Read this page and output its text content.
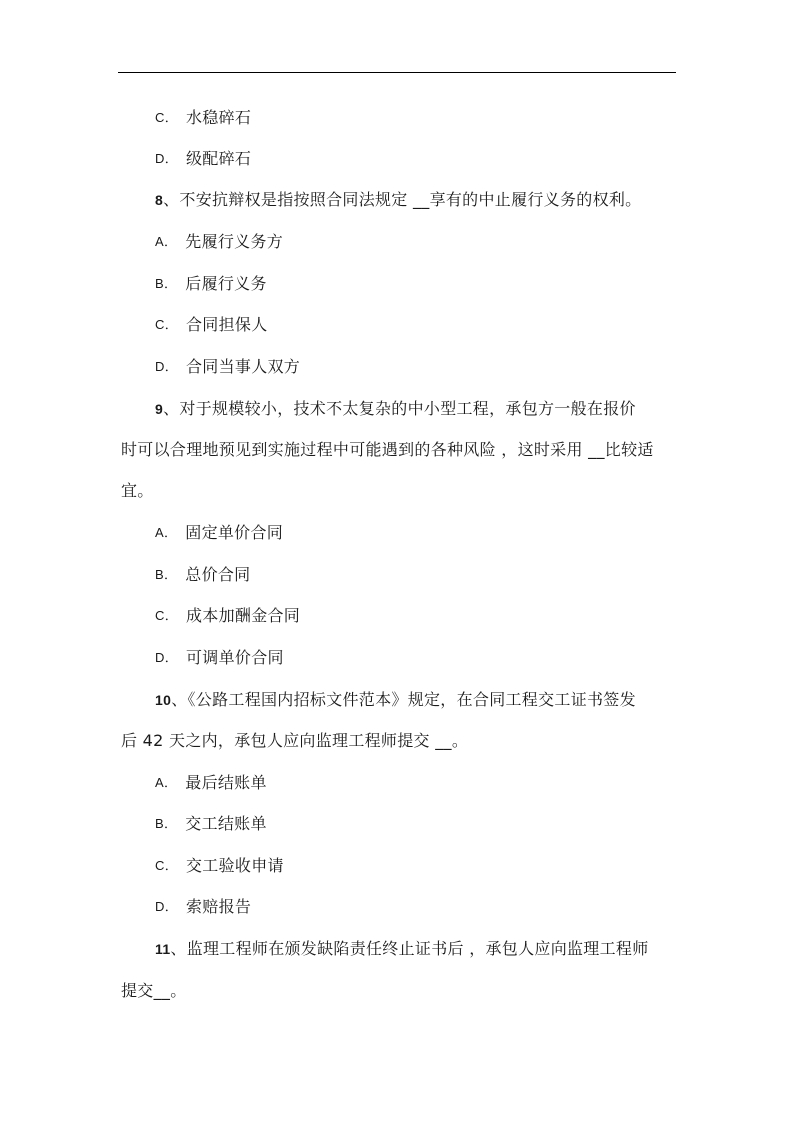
C． 水稳碎石
D． 级配碎石
8、不安抗辩权是指按照合同法规定 __享有的中止履行义务的权利。
A． 先履行义务方
B． 后履行义务
C． 合同担保人
D． 合同当事人双方
9、对于规模较小，技术不太复杂的中小型工程，承包方一般在报价
时可以合理地预见到实施过程中可能遇到的各种风险 ，这时采用 __比较适
宜。
A． 固定单价合同
B． 总价合同
C． 成本加酬金合同
D． 可调单价合同
10、《公路工程国内招标文件范本》规定，在合同工程交工证书签发
后 42 天之内，承包人应向监理工程师提交 __。
A． 最后结账单
B． 交工结账单
C． 交工验收申请
D． 索赔报告
11、监理工程师在颁发缺陷责任终止证书后 ，承包人应向监理工程师
提交__。
